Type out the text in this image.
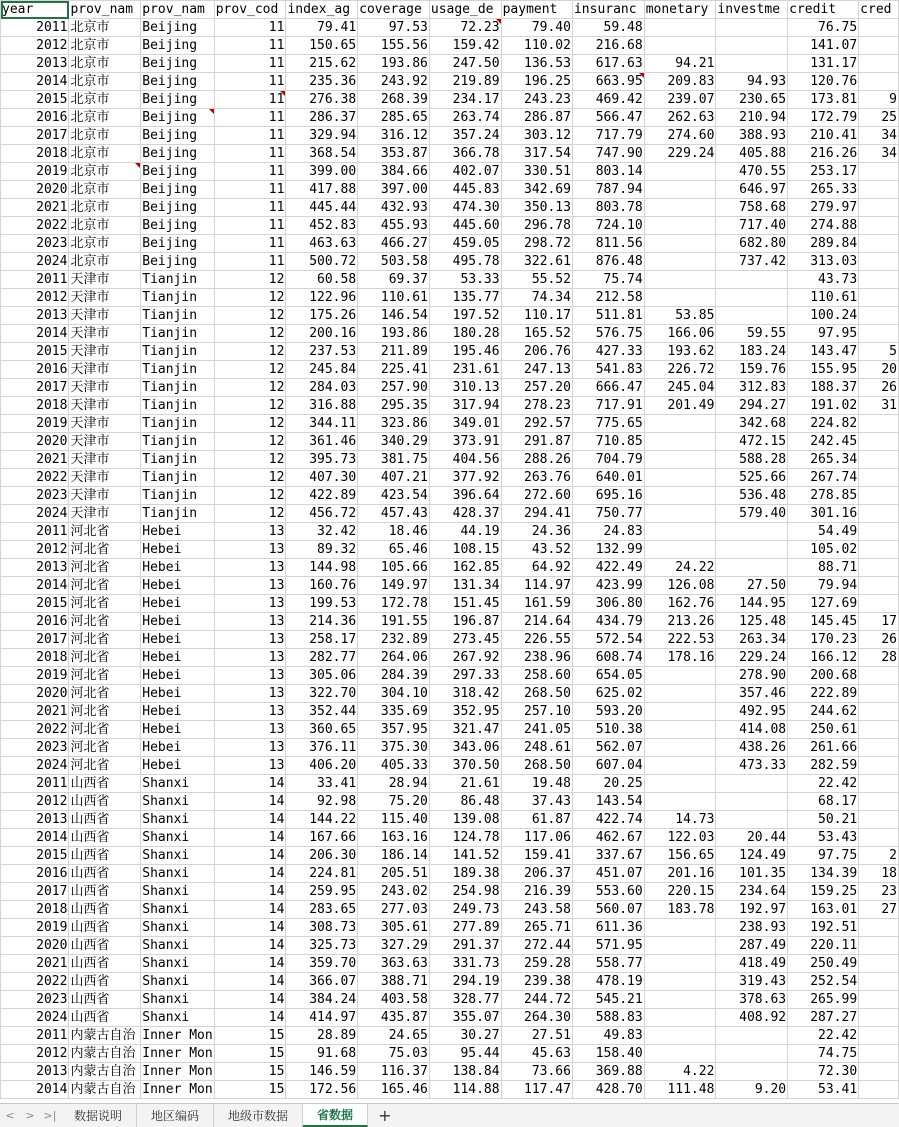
year	prov_nam	prov_nam	prov_cod	index_ag	coverage	usage_de	payment	insuranc	monetary	investme	credit	cred
2011	北京市	Beijing	11	79.41	97.53	72.23	79.40	59.48			76.75	
2012	北京市	Beijing	11	150.65	155.56	159.42	110.02	216.68			141.07	
2013	北京市	Beijing	11	215.62	193.86	247.50	136.53	617.63	94.21		131.17	
2014	北京市	Beijing	11	235.36	243.92	219.89	196.25	663.95	209.83	94.93	120.76	
2015	北京市	Beijing	11	276.38	268.39	234.17	243.23	469.42	239.07	230.65	173.81	9
2016	北京市	Beijing	11	286.37	285.65	263.74	286.87	566.47	262.63	210.94	172.79	25
2017	北京市	Beijing	11	329.94	316.12	357.24	303.12	717.79	274.60	388.93	210.41	34
2018	北京市	Beijing	11	368.54	353.87	366.78	317.54	747.90	229.24	405.88	216.26	34
2019	北京市	Beijing	11	399.00	384.66	402.07	330.51	803.14		470.55	253.17	
2020	北京市	Beijing	11	417.88	397.00	445.83	342.69	787.94		646.97	265.33	
2021	北京市	Beijing	11	445.44	432.93	474.30	350.13	803.78		758.68	279.97	
2022	北京市	Beijing	11	452.83	455.93	445.60	296.78	724.10		717.40	274.88	
2023	北京市	Beijing	11	463.63	466.27	459.05	298.72	811.56		682.80	289.84	
2024	北京市	Beijing	11	500.72	503.58	495.78	322.61	876.48		737.42	313.03	
2011	天津市	Tianjin	12	60.58	69.37	53.33	55.52	75.74			43.73	
2012	天津市	Tianjin	12	122.96	110.61	135.77	74.34	212.58			110.61	
2013	天津市	Tianjin	12	175.26	146.54	197.52	110.17	511.81	53.85		100.24	
2014	天津市	Tianjin	12	200.16	193.86	180.28	165.52	576.75	166.06	59.55	97.95	
2015	天津市	Tianjin	12	237.53	211.89	195.46	206.76	427.33	193.62	183.24	143.47	5
2016	天津市	Tianjin	12	245.84	225.41	231.61	247.13	541.83	226.72	159.76	155.95	20
2017	天津市	Tianjin	12	284.03	257.90	310.13	257.20	666.47	245.04	312.83	188.37	26
2018	天津市	Tianjin	12	316.88	295.35	317.94	278.23	717.91	201.49	294.27	191.02	31
2019	天津市	Tianjin	12	344.11	323.86	349.01	292.57	775.65		342.68	224.82	
2020	天津市	Tianjin	12	361.46	340.29	373.91	291.87	710.85		472.15	242.45	
2021	天津市	Tianjin	12	395.73	381.75	404.56	288.26	704.79		588.28	265.34	
2022	天津市	Tianjin	12	407.30	407.21	377.92	263.76	640.01		525.66	267.74	
2023	天津市	Tianjin	12	422.89	423.54	396.64	272.60	695.16		536.48	278.85	
2024	天津市	Tianjin	12	456.72	457.43	428.37	294.41	750.77		579.40	301.16	
2011	河北省	Hebei	13	32.42	18.46	44.19	24.36	24.83			54.49	
2012	河北省	Hebei	13	89.32	65.46	108.15	43.52	132.99			105.02	
2013	河北省	Hebei	13	144.98	105.66	162.85	64.92	422.49	24.22		88.71	
2014	河北省	Hebei	13	160.76	149.97	131.34	114.97	423.99	126.08	27.50	79.94	
2015	河北省	Hebei	13	199.53	172.78	151.45	161.59	306.80	162.76	144.95	127.69	
2016	河北省	Hebei	13	214.36	191.55	196.87	214.64	434.79	213.26	125.48	145.45	17
2017	河北省	Hebei	13	258.17	232.89	273.45	226.55	572.54	222.53	263.34	170.23	26
2018	河北省	Hebei	13	282.77	264.06	267.92	238.96	608.74	178.16	229.24	166.12	28
2019	河北省	Hebei	13	305.06	284.39	297.33	258.60	654.05		278.90	200.68	
2020	河北省	Hebei	13	322.70	304.10	318.42	268.50	625.02		357.46	222.89	
2021	河北省	Hebei	13	352.44	335.69	352.95	257.10	593.20		492.95	244.62	
2022	河北省	Hebei	13	360.65	357.95	321.47	241.05	510.38		414.08	250.61	
2023	河北省	Hebei	13	376.11	375.30	343.06	248.61	562.07		438.26	261.66	
2024	河北省	Hebei	13	406.20	405.33	370.50	268.50	607.04		473.33	282.59	
2011	山西省	Shanxi	14	33.41	28.94	21.61	19.48	20.25			22.42	
2012	山西省	Shanxi	14	92.98	75.20	86.48	37.43	143.54			68.17	
2013	山西省	Shanxi	14	144.22	115.40	139.08	61.87	422.74	14.73		50.21	
2014	山西省	Shanxi	14	167.66	163.16	124.78	117.06	462.67	122.03	20.44	53.43	
2015	山西省	Shanxi	14	206.30	186.14	141.52	159.41	337.67	156.65	124.49	97.75	2
2016	山西省	Shanxi	14	224.81	205.51	189.38	206.37	451.07	201.16	101.35	134.39	18
2017	山西省	Shanxi	14	259.95	243.02	254.98	216.39	553.60	220.15	234.64	159.25	23
2018	山西省	Shanxi	14	283.65	277.03	249.73	243.58	560.07	183.78	192.97	163.01	27
2019	山西省	Shanxi	14	308.73	305.61	277.89	265.71	611.36		238.93	192.51	
2020	山西省	Shanxi	14	325.73	327.29	291.37	272.44	571.95		287.49	220.11	
2021	山西省	Shanxi	14	359.70	363.63	331.73	259.28	558.77		418.49	250.49	
2022	山西省	Shanxi	14	366.07	388.71	294.19	239.38	478.19		319.43	252.54	
2023	山西省	Shanxi	14	384.24	403.58	328.77	244.72	545.21		378.63	265.99	
2024	山西省	Shanxi	14	414.97	435.87	355.07	264.30	588.83		408.92	287.27	
2011	内蒙古自治	Inner Mon	15	28.89	24.65	30.27	27.51	49.83			22.42	
2012	内蒙古自治	Inner Mon	15	91.68	75.03	95.44	45.63	158.40			74.75	
2013	内蒙古自治	Inner Mon	15	146.59	116.37	138.84	73.66	369.88	4.22		72.30	
2014	内蒙古自治	Inner Mon	15	172.56	165.46	114.88	117.47	428.70	111.48	9.20	53.41	
< > >|	数据说明	地区编码	地级市数据	省数据	+
